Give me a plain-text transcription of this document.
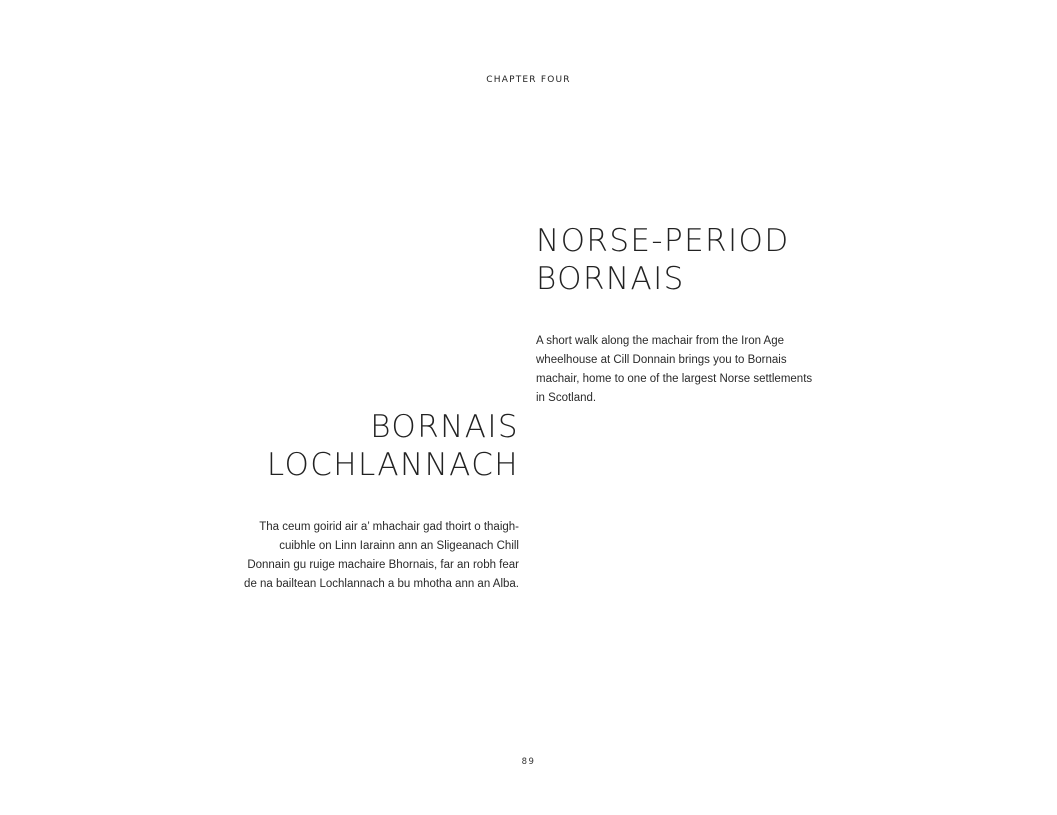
CHAPTER FOUR
NORSE-PERIOD
BORNAIS

A short walk along the machair from the Iron Age
wheelhouse at Cill Donnain brings you to Bornais
machair, home to one of the largest Norse settlements
in Scotland.

BORNAIS
LOCHLANNACH

Tha ceum goirid air a’ mhachair gad thoirt o thaigh-
cuibhle on Linn Iarainn ann an Sligeanach Chill
Donnain gu ruige machaire Bhornais, far an robh fear
de na bailtean Lochlannach a bu mhotha ann an Alba.

89
